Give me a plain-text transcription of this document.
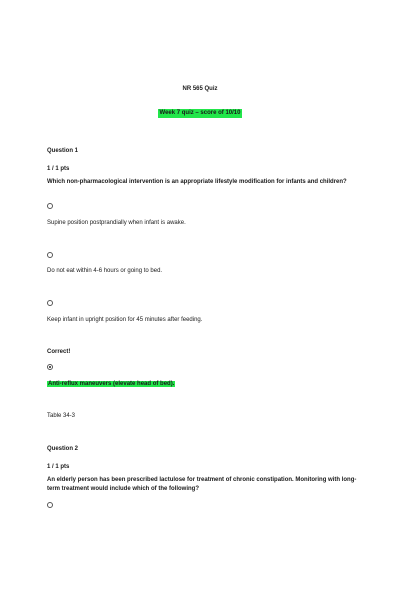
NR 565 Quiz
Week 7 quiz – score of 10/10
Question 1
1 / 1 pts
Which non-pharmacological intervention is an appropriate lifestyle modification for infants and children?
Supine position postprandially when infant is awake.
Do not eat within 4-6 hours or going to bed.
Keep infant in upright position for 45 minutes after feeding.
Correct!
Anti-reflux maneuvers (elevate head of bed).
Table 34-3
Question 2
1 / 1 pts
An elderly person has been prescribed lactulose for treatment of chronic constipation. Monitoring with long-term treatment would include which of the following?
